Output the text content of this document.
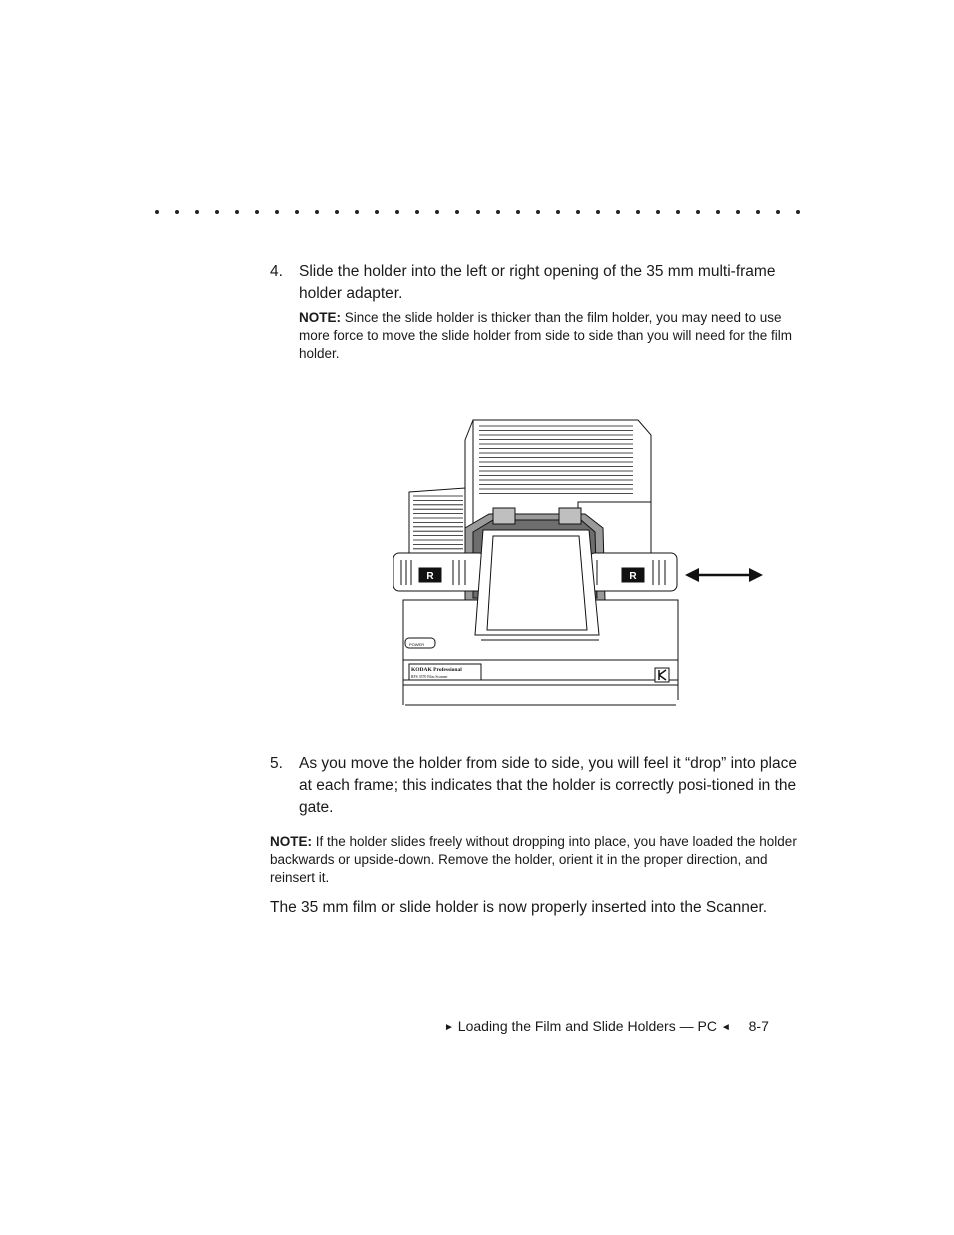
4. Slide the holder into the left or right opening of the 35 mm multi-frame holder adapter.
NOTE: Since the slide holder is thicker than the film holder, you may need to use more force to move the slide holder from side to side than you will need for the film holder.
POWER
KODAK Professional
RFS 3570 Film Scanner
R	R
5. As you move the holder from side to side, you will feel it “drop” into place at each frame; this indicates that the holder is correctly posi-tioned in the gate.
NOTE: If the holder slides freely without dropping into place, you have loaded the holder backwards or upside-down. Remove the holder, orient it in the proper direction, and reinsert it.
The 35 mm film or slide holder is now properly inserted into the Scanner.
► Loading the Film and Slide Holders — PC ◄ 8-7
